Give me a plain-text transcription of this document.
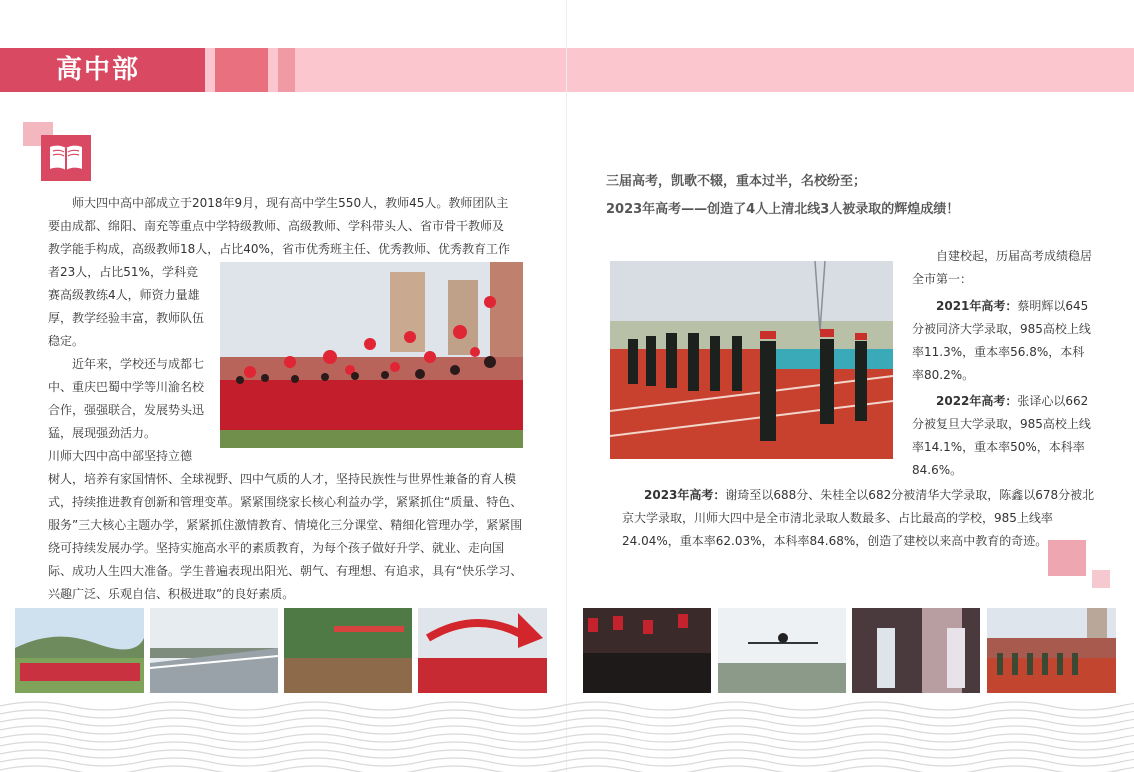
高中部

师大四中高中部成立于2018年9月，现有高中学生550人，教师45人。教师团队主

要由成都、绵阳、南充等重点中学特级教师、高级教师、学科带头人、省市骨干教师及

教学能手构成，高级教师18人，占比40%，省市优秀班主任、优秀教师、优秀教育工作

者23人，占比51%，学科竞赛高级教练4人，师资力量雄厚，教学经验丰富，教师队伍稳定。

近年来，学校还与成都七中、重庆巴蜀中学等川渝名校合作，强强联合，发展势头迅猛，展现强劲活力。

川师大四中高中部坚持立德

树人，培养有家国情怀、全球视野、四中气质的人才，坚持民族性与世界性兼备的育人模式，持续推进教育创新和管理变革。紧紧围绕家长核心利益办学，紧紧抓住“质量、特色、服务”三大核心主题办学，紧紧抓住激情教育、情境化三分课堂、精细化管理办学，紧紧围绕可持续发展办学。坚持实施高水平的素质教育，为每个孩子做好升学、就业、走向国际、成功人生四大准备。学生普遍表现出阳光、朝气、有理想、有追求，具有“快乐学习、兴趣广泛、乐观自信、积极进取”的良好素质。

三届高考，凯歌不辍，重本过半，名校纷至；
2023年高考——创造了4人上清北线3人被录取的辉煌成绩！

自建校起，历届高考成绩稳居全市第一：

2021年高考：蔡明辉以645分被同济大学录取，985高校上线率11.3%，重本率56.8%，本科率80.2%。

2022年高考：张译心以662分被复旦大学录取，985高校上线率14.1%，重本率50%，本科率84.6%。

2023年高考：谢琦至以688分、朱桂全以682分被清华大学录取，陈鑫以678分被北

京大学录取，川师大四中是全市清北录取人数最多、占比最高的学校，985上线率

24.04%，重本率62.03%，本科率84.68%，创造了建校以来高中教育的奇迹。
